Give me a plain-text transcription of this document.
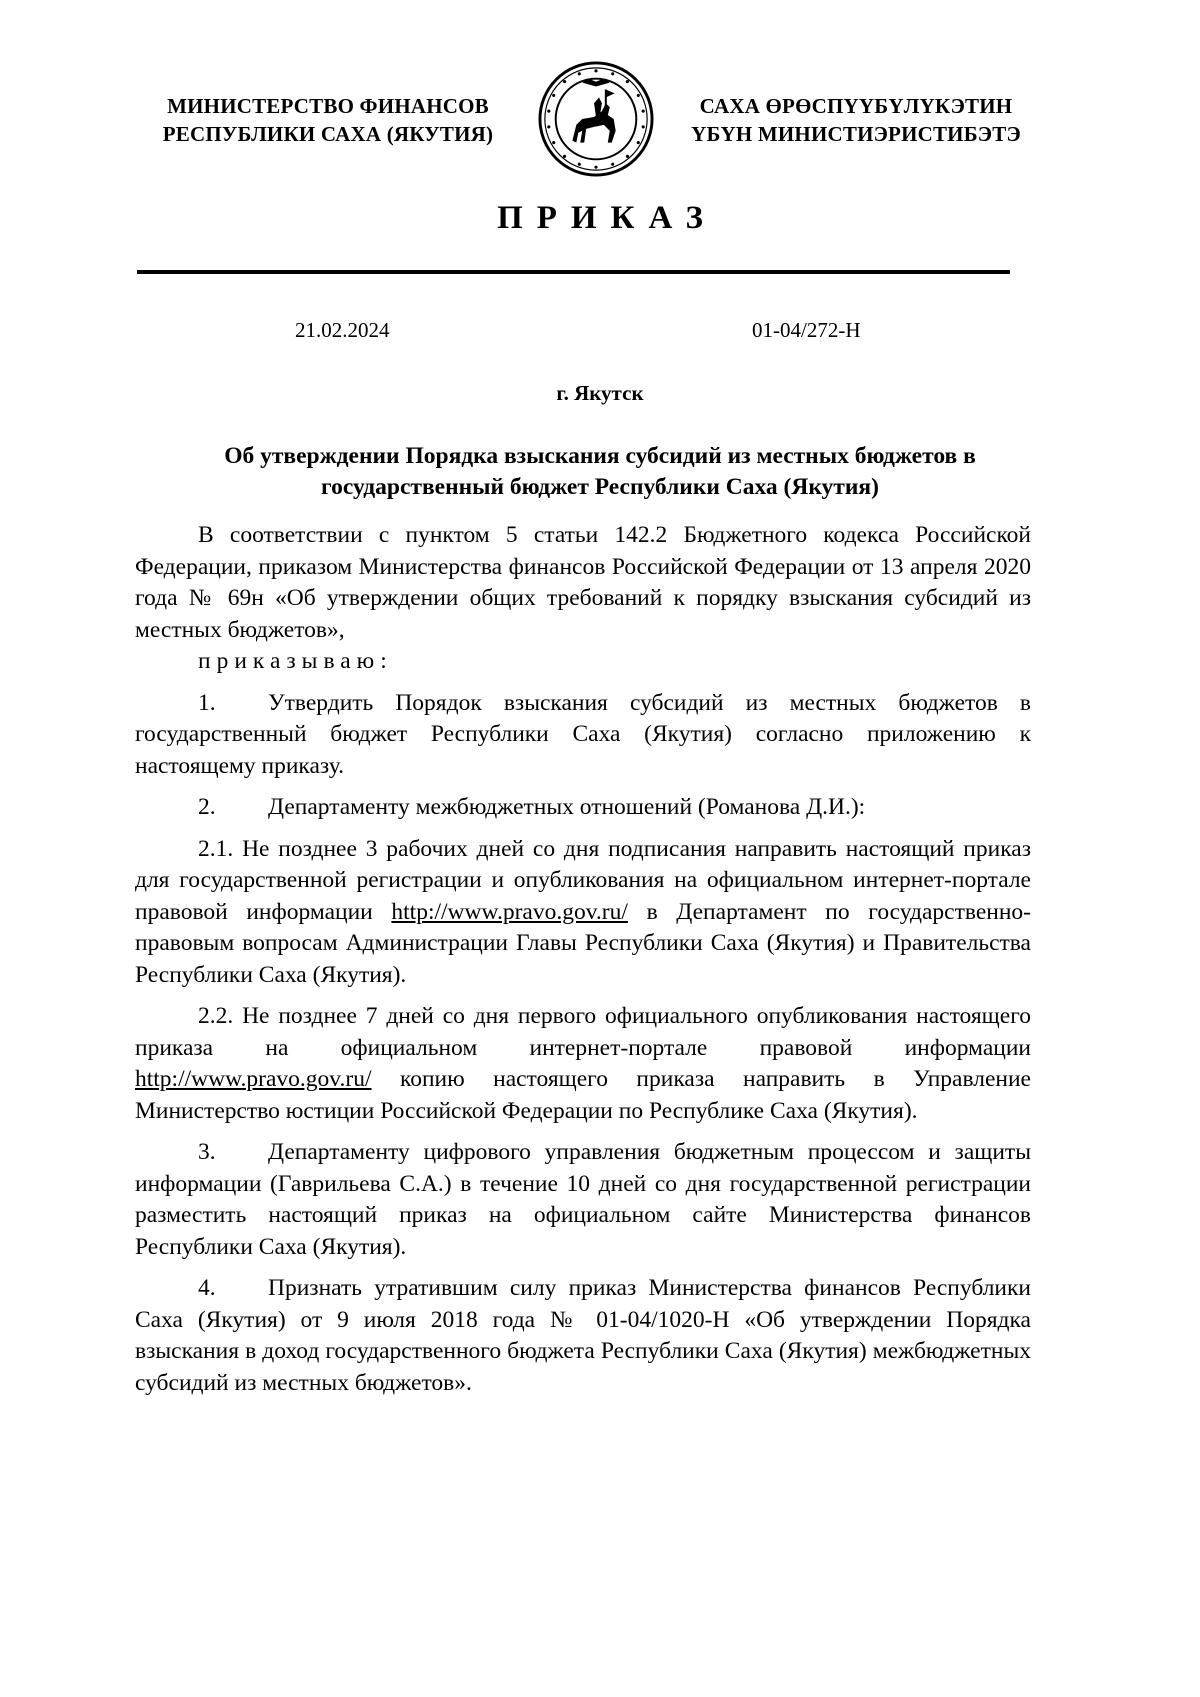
МИНИСТЕРСТВО ФИНАНСОВ
РЕСПУБЛИКИ САХА (ЯКУТИЯ)
САХА ӨРӨСПҮҮБҮЛҮКЭТИН
ҮБҮН МИНИСТИЭРИСТИБЭТЭ
ПРИКАЗ
21.02.2024	01-04/272-Н
г. Якутск
Об утверждении Порядка взыскания субсидий из местных бюджетов в государственный бюджет Республики Саха (Якутия)

В соответствии с пунктом 5 статьи 142.2 Бюджетного кодекса Российской Федерации, приказом Министерства финансов Российской Федерации от 13 апреля 2020 года № 69н «Об утверждении общих требований к порядку взыскания субсидий из местных бюджетов»,

приказываю:

1. Утвердить Порядок взыскания субсидий из местных бюджетов в государственный бюджет Республики Саха (Якутия) согласно приложению к настоящему приказу.

2. Департаменту межбюджетных отношений (Романова Д.И.):

2.1. Не позднее 3 рабочих дней со дня подписания направить настоящий приказ для государственной регистрации и опубликования на официальном интернет-портале правовой информации http://www.pravo.gov.ru/ в Департамент по государственно-правовым вопросам Администрации Главы Республики Саха (Якутия) и Правительства Республики Саха (Якутия).

2.2. Не позднее 7 дней со дня первого официального опубликования настоящего приказа на официальном интернет-портале правовой информации http://www.pravo.gov.ru/ копию настоящего приказа направить в Управление Министерство юстиции Российской Федерации по Республике Саха (Якутия).

3. Департаменту цифрового управления бюджетным процессом и защиты информации (Гаврильева С.А.) в течение 10 дней со дня государственной регистрации разместить настоящий приказ на официальном сайте Министерства финансов Республики Саха (Якутия).

4. Признать утратившим силу приказ Министерства финансов Республики Саха (Якутия) от 9 июля 2018 года № 01-04/1020-Н «Об утверждении Порядка взыскания в доход государственного бюджета Республики Саха (Якутия) межбюджетных субсидий из местных бюджетов».
